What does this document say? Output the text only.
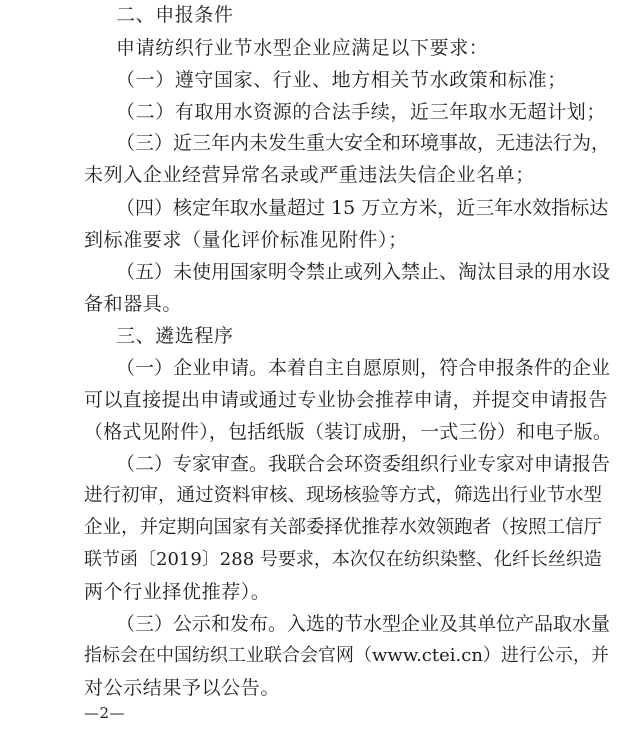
二、申报条件
申请纺织行业节水型企业应满足以下要求：
（一）遵守国家、行业、地方相关节水政策和标准；
（二）有取用水资源的合法手续，近三年取水无超计划；
（三）近三年内未发生重大安全和环境事故，无违法行为，
未列入企业经营异常名录或严重违法失信企业名单；
（四）核定年取水量超过 15 万立方米，近三年水效指标达
到标准要求（量化评价标准见附件）；
（五）未使用国家明令禁止或列入禁止、淘汰目录的用水设
备和器具。
三、遴选程序
（一）企业申请。本着自主自愿原则，符合申报条件的企业
可以直接提出申请或通过专业协会推荐申请，并提交申请报告
（格式见附件），包括纸版（装订成册，一式三份）和电子版。
（二）专家审查。我联合会环资委组织行业专家对申请报告
进行初审，通过资料审核、现场核验等方式，筛选出行业节水型
企业，并定期向国家有关部委择优推荐水效领跑者（按照工信厅
联节函〔2019〕288 号要求，本次仅在纺织染整、化纤长丝织造
两个行业择优推荐）。
（三）公示和发布。入选的节水型企业及其单位产品取水量
指标会在中国纺织工业联合会官网（www.ctei.cn）进行公示，并
对公示结果予以公告。
—2—
